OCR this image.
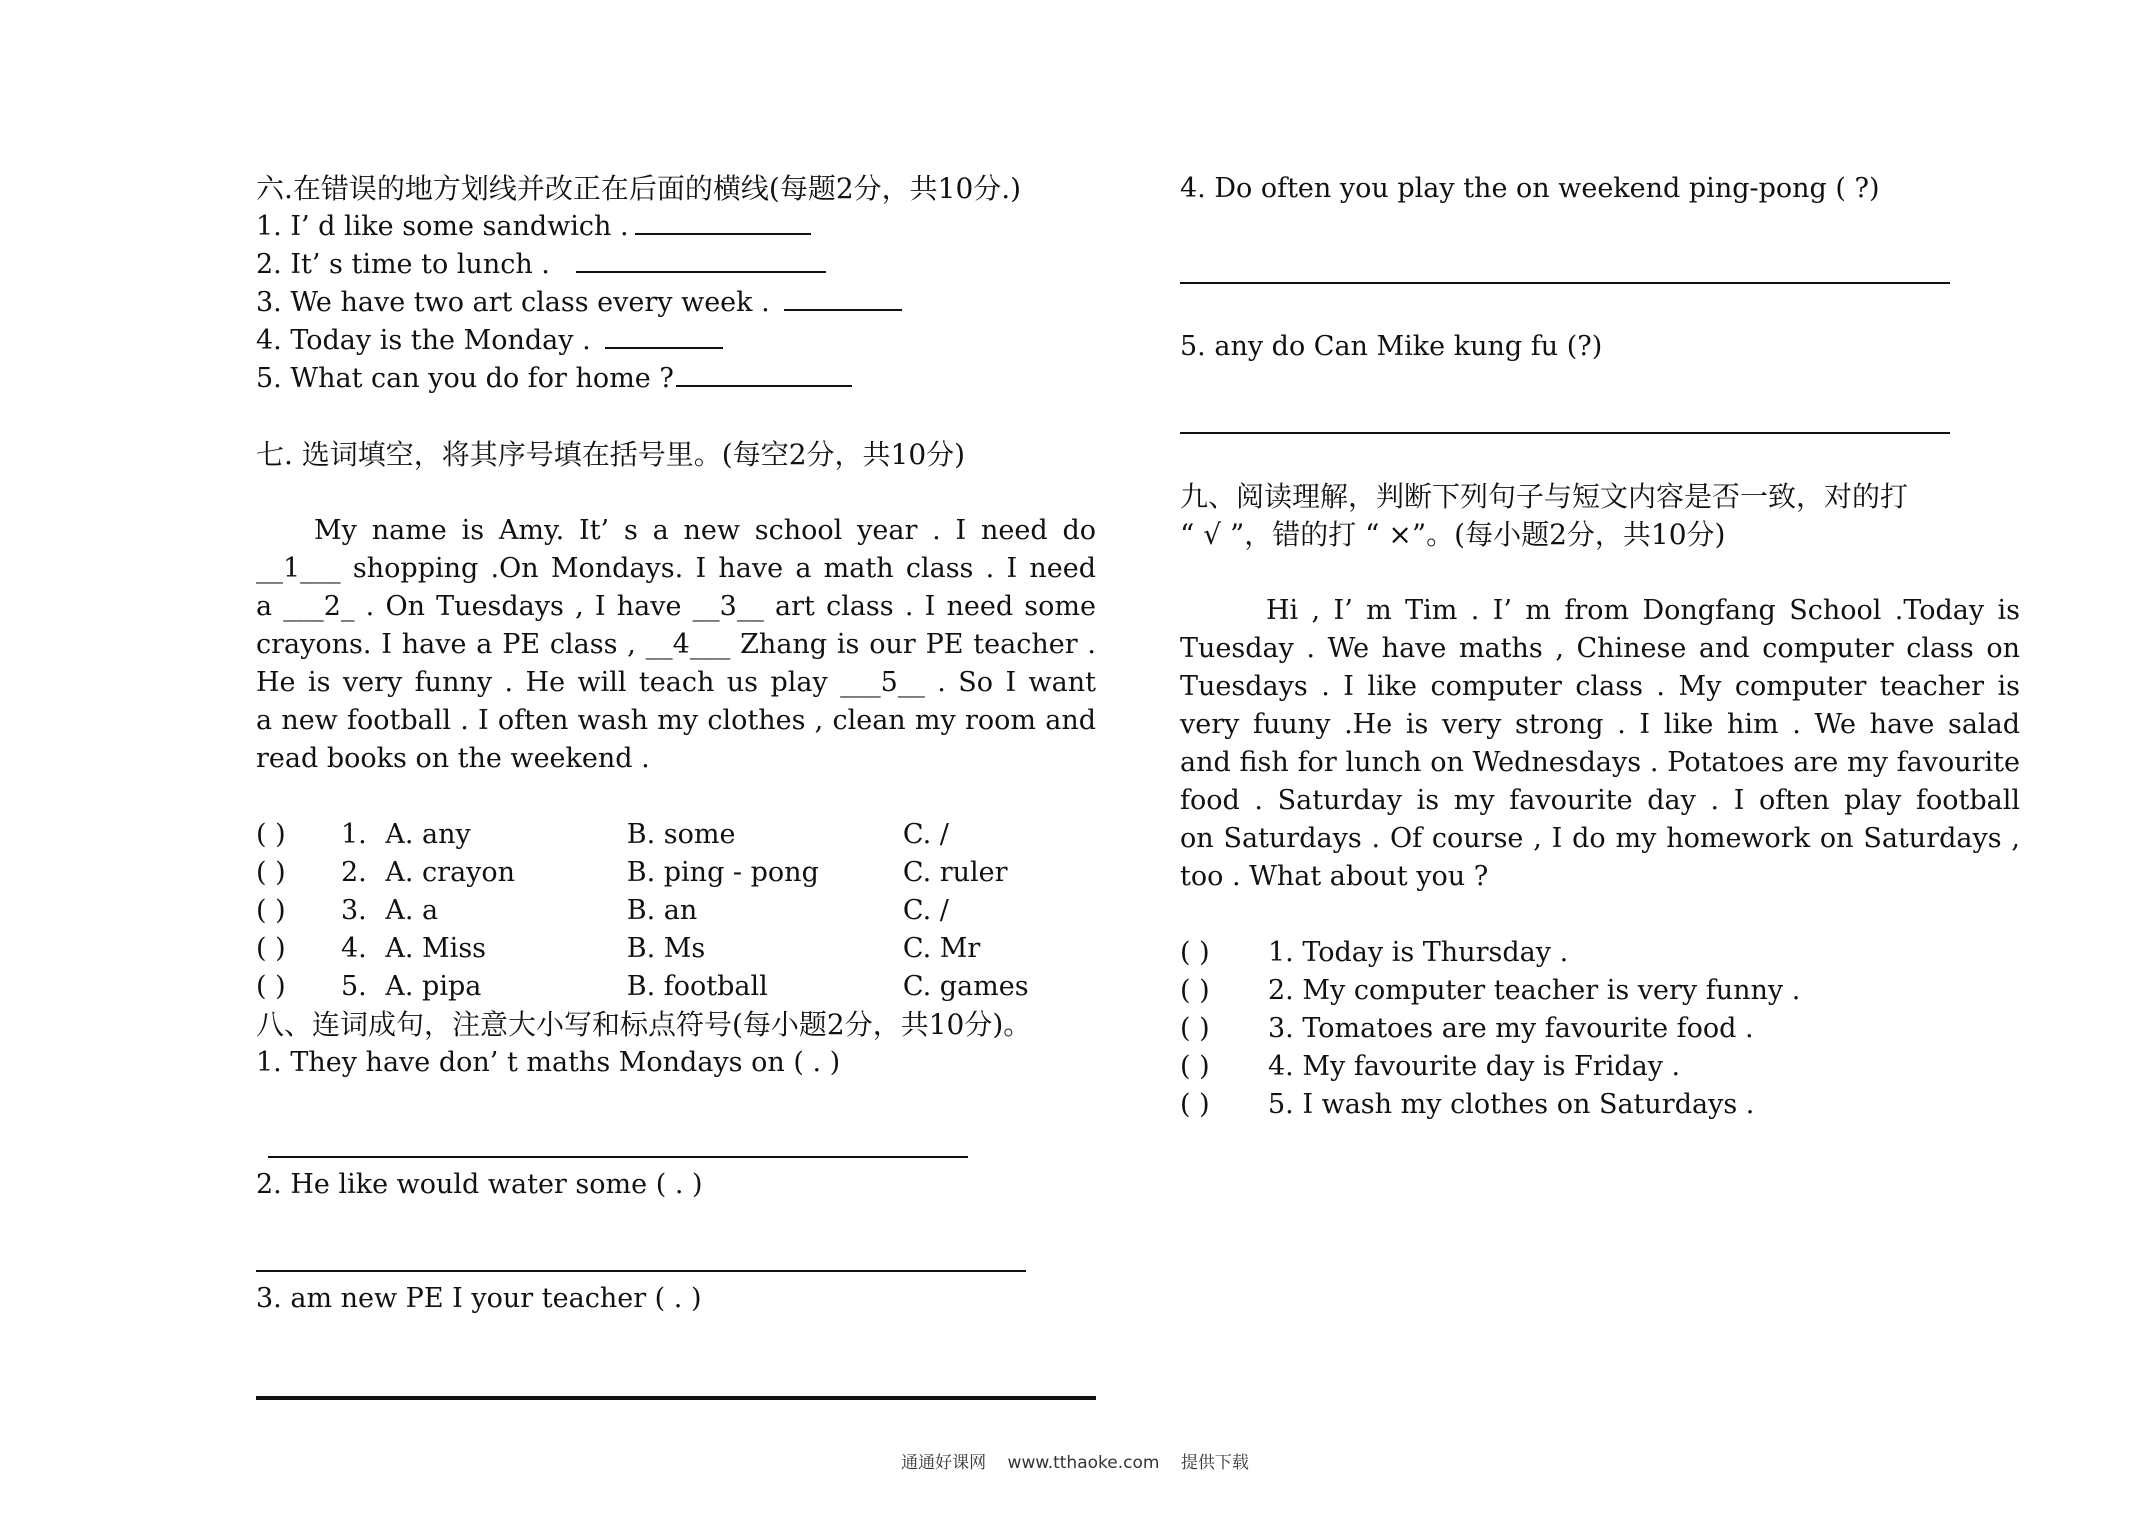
六.在错误的地方划线并改正在后面的横线(每题2分，共10分.)
1. I’ d like some sandwich .
2. It’ s time to lunch .
3. We have two art class every week .
4. Today is the Monday .
5. What can you do for home ?
七. 选词填空，将其序号填在括号里。(每空2分，共10分)
My name is Amy. It’ s a new school year . I need do
__1___ shopping .On Mondays. I have a math class . I need
a ___2_ . On Tuesdays , I have __3__ art class . I need some
crayons. I have a PE class , __4___ Zhang is our PE teacher .
He is very funny . He will teach us play ___5__ . So I want
a new football . I often wash my clothes , clean my room and
read books on the weekend .
( )	1. A. any	B. some	C. /
( )	2. A. crayon	B. ping - pong	C. ruler
( )	3. A. a	B. an	C. /
( )	4. A. Miss	B. Ms	C. Mr
( )	5. A. pipa	B. football	C. games
八、连词成句，注意大小写和标点符号(每小题2分，共10分)。
1. They have don’ t maths Mondays on ( . )
2. He like would water some ( . )
3. am new PE I your teacher ( . )
4. Do often you play the on weekend ping-pong ( ?)
5. any do Can Mike kung fu (?)
九、阅读理解，判断下列句子与短文内容是否一致，对的打
“ √ ”，错的打 “ ×”。(每小题2分，共10分)
Hi , I’ m Tim . I’ m from Dongfang School .Today is
Tuesday . We have maths , Chinese and computer class on
Tuesdays . I like computer class . My computer teacher is
very fuuny .He is very strong . I like him . We have salad
and fish for lunch on Wednesdays . Potatoes are my favourite
food . Saturday is my favourite day . I often play football
on Saturdays . Of course , I do my homework on Saturdays ,
too . What about you ?
( )	1. Today is Thursday .
( )	2. My computer teacher is very funny .
( )	3. Tomatoes are my favourite food .
( )	4. My favourite day is Friday .
( )	5. I wash my clothes on Saturdays .
通通好课网 www.tthaoke.com 提供下载
